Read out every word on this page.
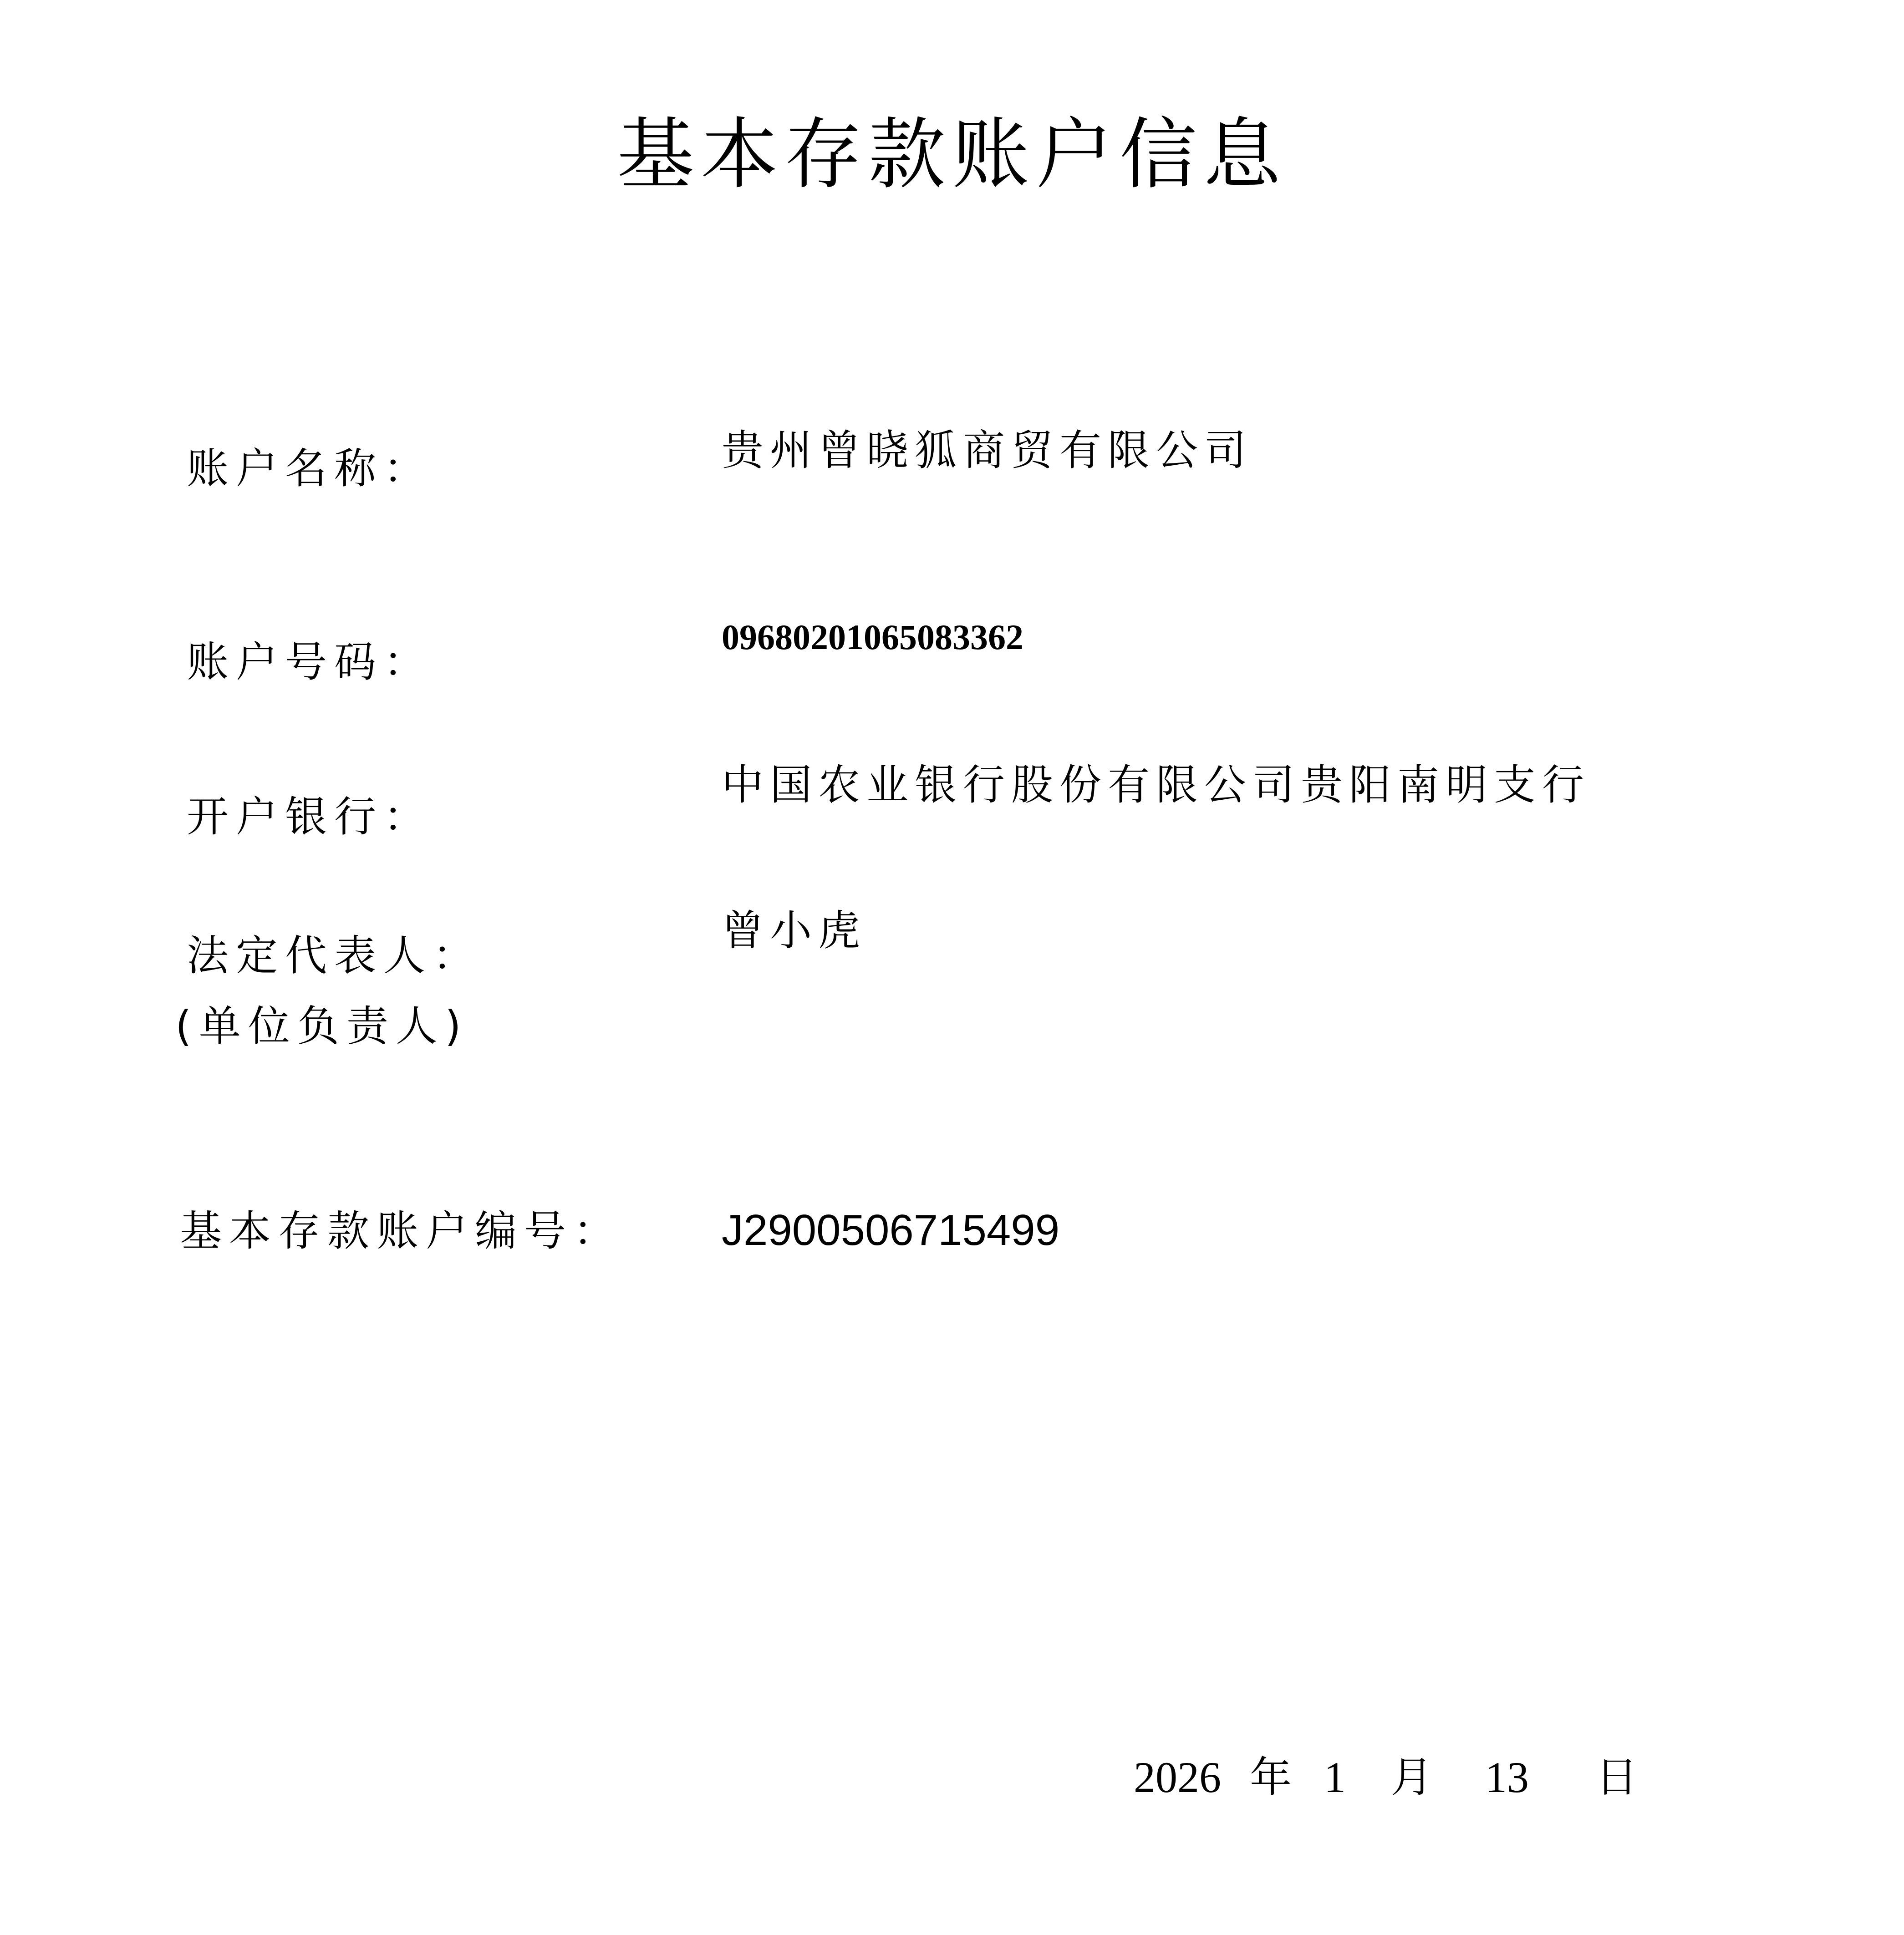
基本存款账户信息
账户名称：	贵州曾晓狐商贸有限公司
账户号码：
09680201065083362
开户银行：
中国农业银行股份有限公司贵阳南明支行
法定代表人：
(单位负责人)
曾小虎
基本存款账户编号： J2900506715499
2026 年 1 月 13 日
